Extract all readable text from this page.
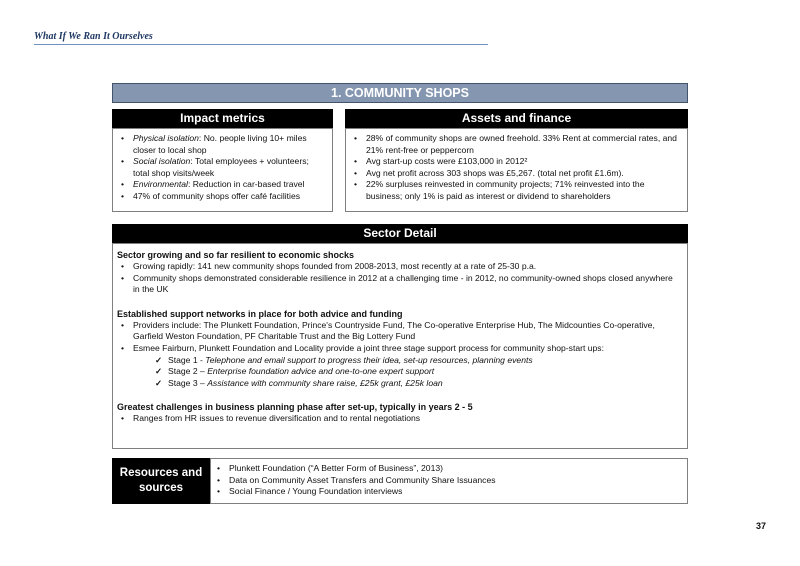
What If We Ran It Ourselves
1. COMMUNITY SHOPS
Impact metrics
• Physical isolation: No. people living 10+ miles closer to local shop
• Social isolation: Total employees + volunteers; total shop visits/week
• Environmental: Reduction in car-based travel
• 47% of community shops offer café facilities
Assets and finance
• 28% of community shops are owned freehold. 33% Rent at commercial rates, and 21% rent-free or peppercorn
• Avg start-up costs were £103,000 in 2012²
• Avg net profit across 303 shops was £5,267. (total net profit £1.6m).
• 22% surpluses reinvested in community projects; 71% reinvested into the business; only 1% is paid as interest or dividend to shareholders
Sector Detail
Sector growing and so far resilient to economic shocks
• Growing rapidly: 141 new community shops founded from 2008-2013, most recently at a rate of 25-30 p.a.
• Community shops demonstrated considerable resilience in 2012 at a challenging time - in 2012, no community-owned shops closed anywhere in the UK
Established support networks in place for both advice and funding
• Providers include: The Plunkett Foundation, Prince's Countryside Fund, The Co-operative Enterprise Hub, The Midcounties Co-operative, Garfield Weston Foundation, PF Charitable Trust and the Big Lottery Fund
• Esmee Fairburn, Plunkett Foundation and Locality provide a joint three stage support process for community shop-start ups:
✓ Stage 1 - Telephone and email support to progress their idea, set-up resources, planning events
✓ Stage 2 – Enterprise foundation advice and one-to-one expert support
✓ Stage 3 – Assistance with community share raise, £25k grant, £25k loan
Greatest challenges in business planning phase after set-up, typically in years 2 - 5
• Ranges from HR issues to revenue diversification and to rental negotiations
Resources and sources
• Plunkett Foundation (“A Better Form of Business”, 2013)
• Data on Community Asset Transfers and Community Share Issuances
• Social Finance / Young Foundation interviews
37
